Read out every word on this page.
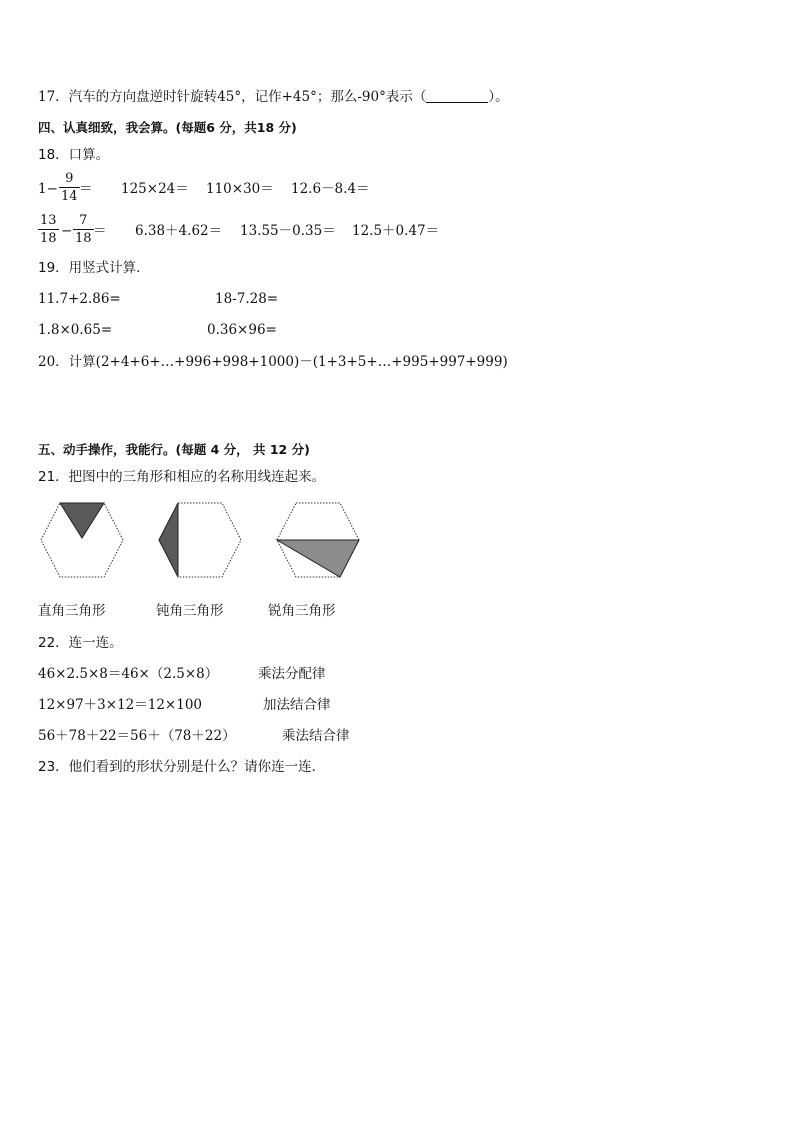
17．汽车的方向盘逆时针旋转45°，记作+45°；那么-90°表示（	）。
四、认真细致，我会算。(每题6 分，共18 分)
18．口算。
1−
9
14 ＝ 125×24＝ 110×30＝ 12.6－8.4＝
13
18 −
7
18 ＝ 6.38＋4.62＝ 13.55－0.35＝ 12.5＋0.47＝
19．用竖式计算．
11.7+2.86=	18-7.28=
1.8×0.65=	0.36×96=
20．计算(2+4+6+…+996+998+1000)－(1+3+5+…+995+997+999)
五、动手操作，我能行。(每题 4 分， 共 12 分)
21．把图中的三角形和相应的名称用线连起来。
直角三角形	钝角三角形	锐角三角形
22．连一连。
46×2.5×8＝46×（2.5×8）	乘法分配律
12×97＋3×12＝12×100	加法结合律
56＋78＋22＝56＋（78＋22）	乘法结合律
23．他们看到的形状分别是什么？请你连一连．
